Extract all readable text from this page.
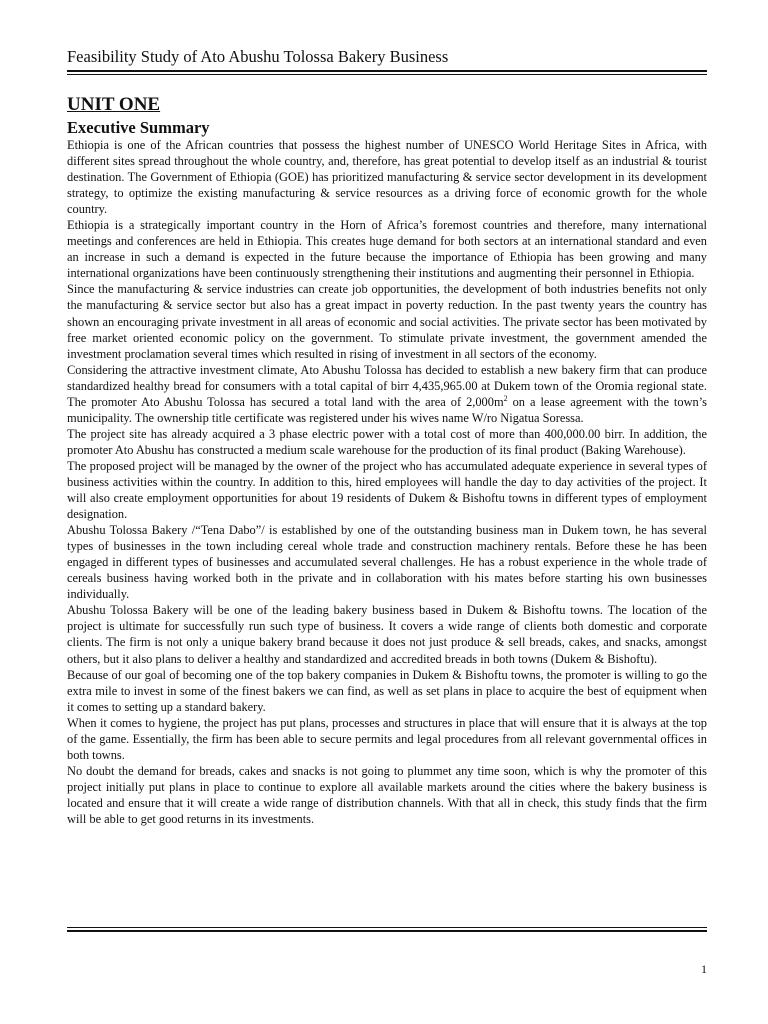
Feasibility Study of Ato Abushu Tolossa Bakery Business
UNIT ONE
Executive Summary

Ethiopia is one of the African countries that possess the highest number of UNESCO World Heritage Sites in Africa, with different sites spread throughout the whole country, and, therefore, has great potential to develop itself as an industrial & tourist destination. The Government of Ethiopia (GOE) has prioritized manufacturing & service sector development in its development strategy, to optimize the existing manufacturing & service resources as a driving force of economic growth for the whole country.

Ethiopia is a strategically important country in the Horn of Africa’s foremost countries and therefore, many international meetings and conferences are held in Ethiopia. This creates huge demand for both sectors at an international standard and even an increase in such a demand is expected in the future because the importance of Ethiopia has been growing and many international organizations have been continuously strengthening their institutions and augmenting their personnel in Ethiopia.

Since the manufacturing & service industries can create job opportunities, the development of both industries benefits not only the manufacturing & service sector but also has a great impact in poverty reduction. In the past twenty years the country has shown an encouraging private investment in all areas of economic and social activities. The private sector has been motivated by free market oriented economic policy on the government. To stimulate private investment, the government amended the investment proclamation several times which resulted in rising of investment in all sectors of the economy.

Considering the attractive investment climate, Ato Abushu Tolossa has decided to establish a new bakery firm that can produce standardized healthy bread for consumers with a total capital of birr 4,435,965.00 at Dukem town of the Oromia regional state. The promoter Ato Abushu Tolossa has secured a total land with the area of $2,000m^2$ on a lease agreement with the town’s municipality. The ownership title certificate was registered under his wives name W/ro Nigatua Soressa.

The project site has already acquired a 3 phase electric power with a total cost of more than 400,000.00 birr. In addition, the promoter Ato Abushu has constructed a medium scale warehouse for the production of its final product (Baking Warehouse).

The proposed project will be managed by the owner of the project who has accumulated adequate experience in several types of business activities within the country. In addition to this, hired employees will handle the day to day activities of the project. It will also create employment opportunities for about 19 residents of Dukem & Bishoftu towns in different types of employment designation.

Abushu Tolossa Bakery /“Tena Dabo”/ is established by one of the outstanding business man in Dukem town, he has several types of businesses in the town including cereal whole trade and construction machinery rentals. Before these he has been engaged in different types of businesses and accumulated several challenges. He has a robust experience in the whole trade of cereals business having worked both in the private and in collaboration with his mates before starting his own businesses individually.

Abushu Tolossa Bakery will be one of the leading bakery business based in Dukem & Bishoftu towns. The location of the project is ultimate for successfully run such type of business. It covers a wide range of clients both domestic and corporate clients. The firm is not only a unique bakery brand because it does not just produce & sell breads, cakes, and snacks, amongst others, but it also plans to deliver a healthy and standardized and accredited breads in both towns (Dukem & Bishoftu).

Because of our goal of becoming one of the top bakery companies in Dukem & Bishoftu towns, the promoter is willing to go the extra mile to invest in some of the finest bakers we can find, as well as set plans in place to acquire the best of equipment when it comes to setting up a standard bakery.

When it comes to hygiene, the project has put plans, processes and structures in place that will ensure that it is always at the top of the game. Essentially, the firm has been able to secure permits and legal procedures from all relevant governmental offices in both towns.

No doubt the demand for breads, cakes and snacks is not going to plummet any time soon, which is why the promoter of this project initially put plans in place to continue to explore all available markets around the cities where the bakery business is located and ensure that it will create a wide range of distribution channels. With that all in check, this study finds that the firm will be able to get good returns in its investments.

1
